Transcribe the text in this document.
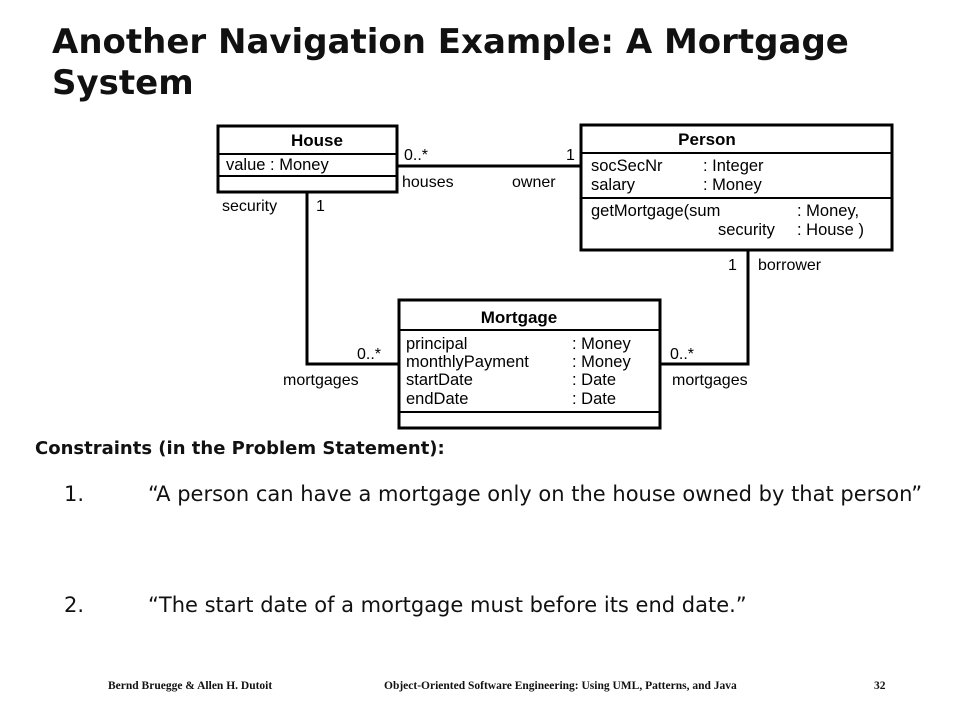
Another Navigation Example: A Mortgage System
House
value : Money
Person
socSecNr : Integer
salary	: Money
getMortgage(sum	: Money,
security : House )
Mortgage
principal	: Money
monthlyPayment	: Money
startDate	: Date
endDate	: Date
0..*
houses
1
owner
security 1
0..*
mortgages
1 borrower
0..*
mortgages
Constraints (in the Problem Statement):
1.	“A person can have a mortgage only on the house owned by that person”
2.	“The start date of a mortgage must before its end date.”
Bernd Bruegge & Allen H. Dutoit	Object-Oriented Software Engineering: Using UML, Patterns, and Java	32
